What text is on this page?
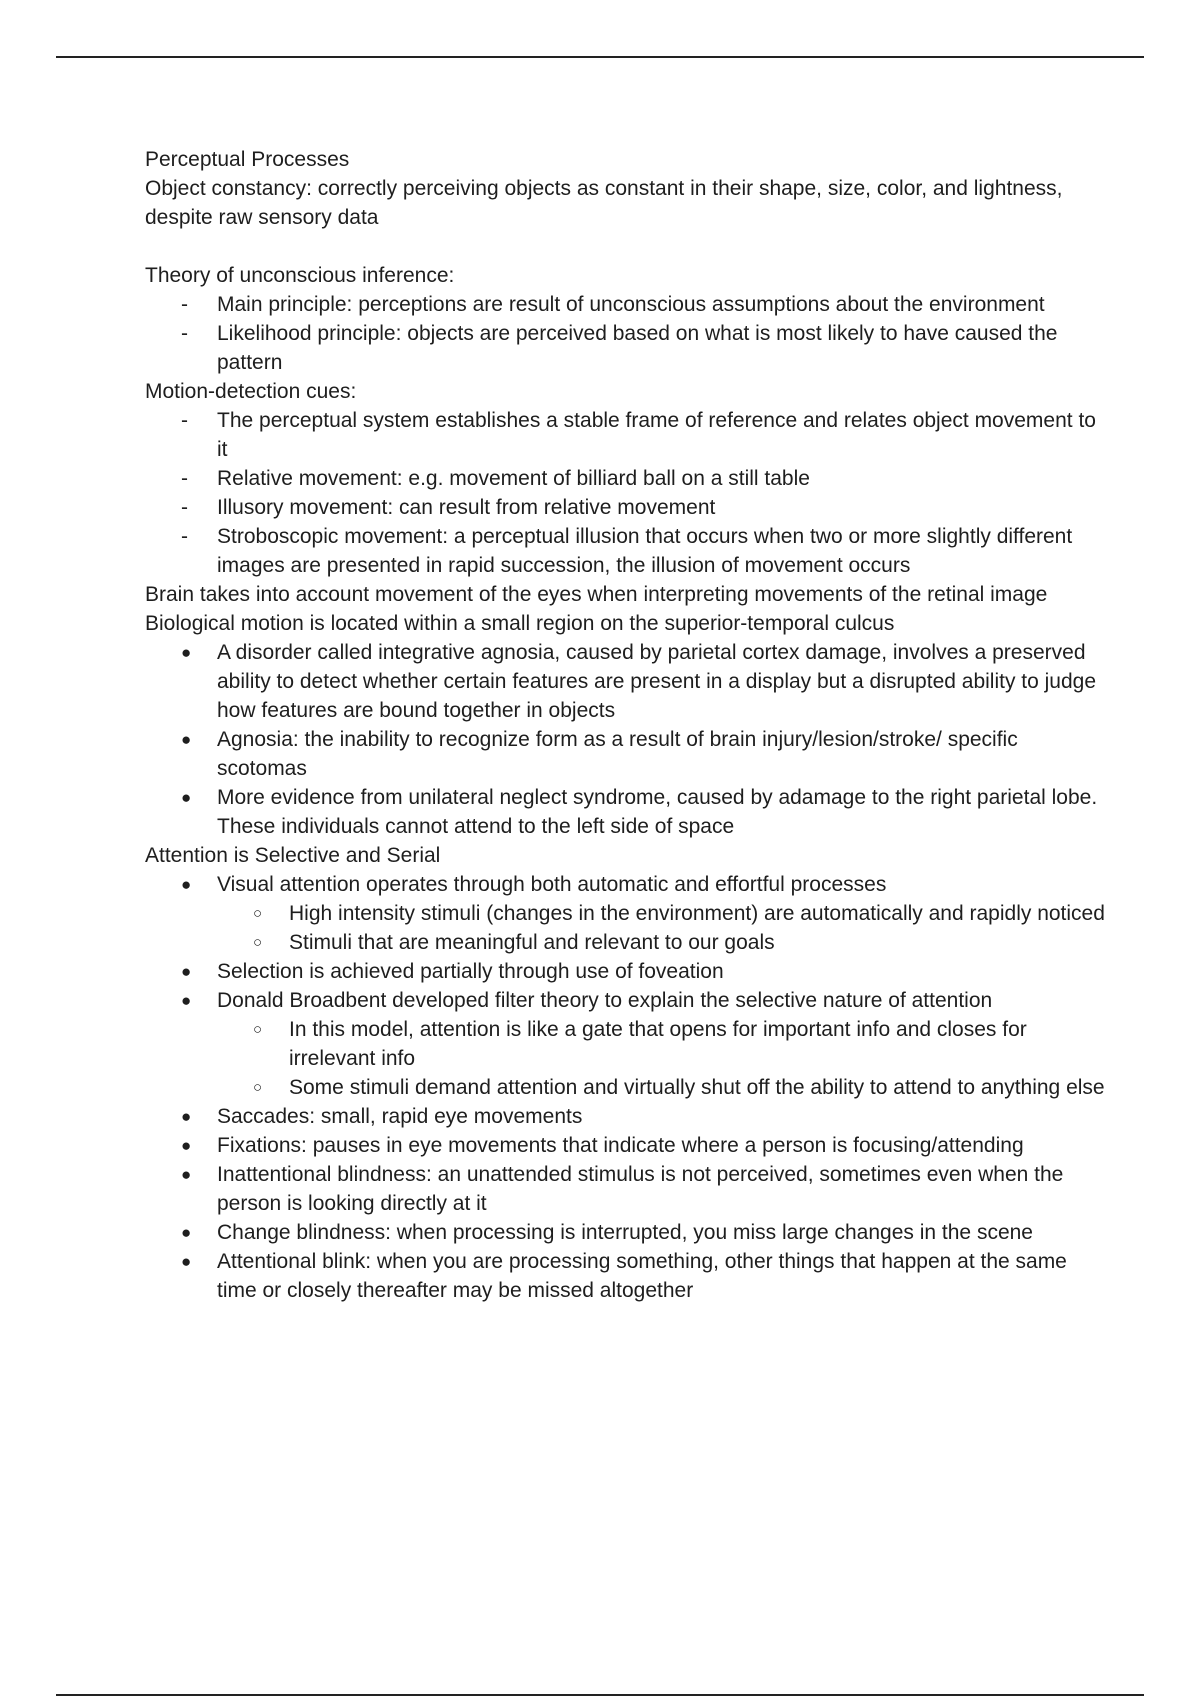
Perceptual Processes
Object constancy: correctly perceiving objects as constant in their shape, size, color, and lightness, despite raw sensory data
Theory of unconscious inference:
- Main principle: perceptions are result of unconscious assumptions about the environment
- Likelihood principle: objects are perceived based on what is most likely to have caused the pattern
Motion-detection cues:
- The perceptual system establishes a stable frame of reference and relates object movement to it
- Relative movement: e.g. movement of billiard ball on a still table
- Illusory movement: can result from relative movement
- Stroboscopic movement: a perceptual illusion that occurs when two or more slightly different images are presented in rapid succession, the illusion of movement occurs
Brain takes into account movement of the eyes when interpreting movements of the retinal image
Biological motion is located within a small region on the superior-temporal culcus
● A disorder called integrative agnosia, caused by parietal cortex damage, involves a preserved ability to detect whether certain features are present in a display but a disrupted ability to judge how features are bound together in objects
● Agnosia: the inability to recognize form as a result of brain injury/lesion/stroke/ specific scotomas
● More evidence from unilateral neglect syndrome, caused by adamage to the right parietal lobe. These individuals cannot attend to the left side of space
Attention is Selective and Serial
● Visual attention operates through both automatic and effortful processes
○ High intensity stimuli (changes in the environment) are automatically and rapidly noticed
○ Stimuli that are meaningful and relevant to our goals
● Selection is achieved partially through use of foveation
● Donald Broadbent developed filter theory to explain the selective nature of attention
○ In this model, attention is like a gate that opens for important info and closes for irrelevant info
○ Some stimuli demand attention and virtually shut off the ability to attend to anything else
● Saccades: small, rapid eye movements
● Fixations: pauses in eye movements that indicate where a person is focusing/attending
● Inattentional blindness: an unattended stimulus is not perceived, sometimes even when the person is looking directly at it
● Change blindness: when processing is interrupted, you miss large changes in the scene
● Attentional blink: when you are processing something, other things that happen at the same time or closely thereafter may be missed altogether
